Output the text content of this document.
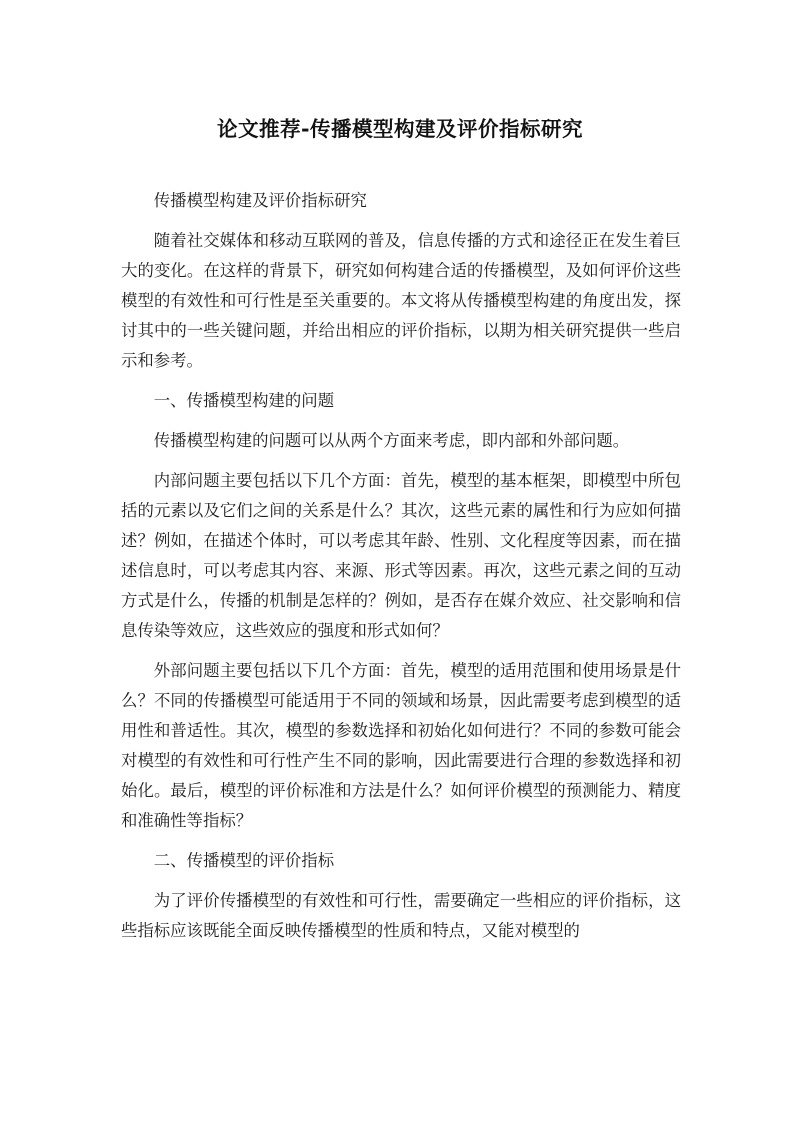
论文推荐-传播模型构建及评价指标研究

传播模型构建及评价指标研究

随着社交媒体和移动互联网的普及，信息传播的方式和途径正在发生着巨大的变化。在这样的背景下，研究如何构建合适的传播模型，及如何评价这些模型的有效性和可行性是至关重要的。本文将从传播模型构建的角度出发，探讨其中的一些关键问题，并给出相应的评价指标，以期为相关研究提供一些启示和参考。

一、传播模型构建的问题

传播模型构建的问题可以从两个方面来考虑，即内部和外部问题。

内部问题主要包括以下几个方面：首先，模型的基本框架，即模型中所包括的元素以及它们之间的关系是什么？其次，这些元素的属性和行为应如何描述？例如，在描述个体时，可以考虑其年龄、性别、文化程度等因素，而在描述信息时，可以考虑其内容、来源、形式等因素。再次，这些元素之间的互动方式是什么，传播的机制是怎样的？例如，是否存在媒介效应、社交影响和信息传染等效应，这些效应的强度和形式如何？

外部问题主要包括以下几个方面：首先，模型的适用范围和使用场景是什么？不同的传播模型可能适用于不同的领域和场景，因此需要考虑到模型的适用性和普适性。其次，模型的参数选择和初始化如何进行？不同的参数可能会对模型的有效性和可行性产生不同的影响，因此需要进行合理的参数选择和初始化。最后，模型的评价标准和方法是什么？如何评价模型的预测能力、精度和准确性等指标？

二、传播模型的评价指标

为了评价传播模型的有效性和可行性，需要确定一些相应的评价指标，这些指标应该既能全面反映传播模型的性质和特点，又能对模型的
